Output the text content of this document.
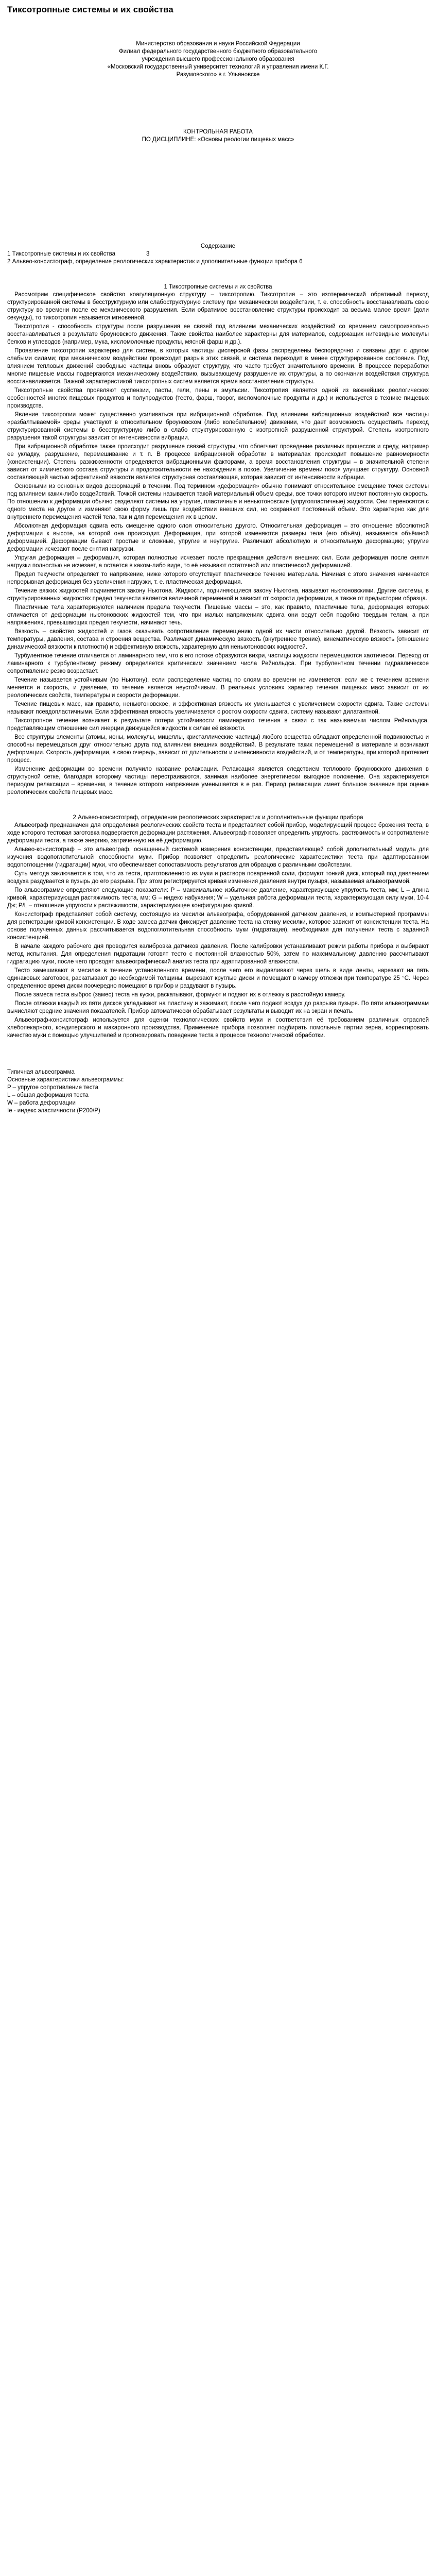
Тиксотропные системы и их свойства

Министерство образования и науки Российской Федерации

Филиал федерального государственного бюджетного образовательного

учреждения высшего профессионального образования

«Московский государственный университет технологий и управления имени К.Г.

Разумовского» в г. Ульяновске

КОНТРОЛЬНАЯ РАБОТА

ПО ДИСЦИПЛИНЕ: «Основы реологии пищевых масс»

Содержание

1 Тиксотропные системы и их свойства	3

2 Альвео-консистограф, определение реологических характеристик и дополнительные функции прибора 6

1 Тиксотропные системы и их свойства

Рассмотрим специфическое свойство коагуляционную структуру – тиксотропию. Тиксотропия – это изотермический обратимый переход структурированной системы в бесструктурную или слабоструктурную систему при механическом воздействии, т. е. способность восстанавливать свою структуру во времени после ее механического разрушения. Если обратимое восстановление структуры происходит за весьма малое время (доли секунды), то тиксотропия называется мгновенной.

Тиксотропия - способность структуры после разрушения ее связей под влиянием механических воздействий со временем самопроизвольно восстанавливаться в результате броуновского движения. Такие свойства наиболее характерны для материалов, содержащих нитевидные молекулы белков и углеводов (например, мука, кисломолочные продукты, мясной фарш и др.).

Проявление тиксотропии характерно для систем, в которых частицы дисперсной фазы распределены беспорядочно и связаны друг с другом слабыми силами; при механическом воздействии происходит разрыв этих связей, и система переходит в менее структурированное состояние. Под влиянием тепловых движений свободные частицы вновь образуют структуру, что часто требует значительного времени. В процессе переработки многие пищевые массы подвергаются механическому воздействию, вызывающему разрушение их структуры, а по окончании воздействия структура восстанавливается. Важной характеристикой тиксотропных систем является время восстановления структуры.

Тиксотропные свойства проявляют суспензии, пасты, гели, пены и эмульсии. Тиксотропия является одной из важнейших реологических особенностей многих пищевых продуктов и полупродуктов (тесто, фарш, творог, кисломолочные продукты и др.) и используется в технике пищевых производств.

Явление тиксотропии может существенно усиливаться при вибрационной обработке. Под влиянием вибрационных воздействий все частицы «разбалтываемой» среды участвуют в относительном броуновском (либо колебательном) движении, что дает возможность осуществить переход структурированной системы в бесструктурную либо в слабо структурированную с изотропной разрушенной структурой. Степень изотропного разрушения такой структуры зависит от интенсивности вибрации.

При вибрационной обработке также происходит разрушение связей структуры, что облегчает проведение различных процессов и среду, например ее укладку, разрушение, перемешивание и т. п. В процессе вибрационной обработки в материалах происходит повышение равномерности (консистенции). Степень разжиженности определяется вибрационными факторами, а время восстановления структуры – в значительной степени зависит от химического состава структуры и продолжительности ее нахождения в покое. Увеличение времени покоя улучшает структуру. Основной составляющей частью эффективной вязкости является структурная составляющая, которая зависит от интенсивности вибрации.

Основными из основных видов деформаций в течении. Под термином «деформация» обычно понимают относительное смещение точек системы под влиянием каких-либо воздействий. Точкой системы называется такой материальный объем среды, все точки которого имеют постоянную скорость. По отношению к деформации обычно разделяют системы на упругие, пластичные и неньютоновские (упругопластичные) жидкости. Они переносятся с одного места на другое и изменяют свою форму лишь при воздействии внешних сил, но сохраняют постоянный объем. Это характерно как для внутреннего перемещения частей тела, так и для перемещения их в целом.

Абсолютная деформация сдвига есть смещение одного слоя относительно другого. Относительная деформация – это отношение абсолютной деформации к высоте, на которой она происходит. Деформация, при которой изменяются размеры тела (его объём), называется объёмной деформацией. Деформации бывают простые и сложные, упругие и неупругие. Различают абсолютную и относительную деформацию; упругие деформации исчезают после снятия нагрузки.

Упругая деформация – деформация, которая полностью исчезает после прекращения действия внешних сил. Если деформация после снятия нагрузки полностью не исчезает, а остается в каком-либо виде, то её называют остаточной или пластической деформацией.

Предел текучести определяет то напряжение, ниже которого отсутствует пластическое течение материала. Начиная с этого значения начинается непрерывная деформация без увеличения нагрузки, т. е. пластическая деформация.

Течение вязких жидкостей подчиняется закону Ньютона. Жидкости, подчиняющиеся закону Ньютона, называют ньютоновскими. Другие системы, в структурированных жидкостях предел текучести является величиной переменной и зависит от скорости деформации, а также от предыстории образца.

Пластичные тела характеризуются наличием предела текучести. Пищевые массы – это, как правило, пластичные тела, деформация которых отличается от деформации ньютоновских жидкостей тем, что при малых напряжениях сдвига они ведут себя подобно твердым телам, а при напряжениях, превышающих предел текучести, начинают течь.

Вязкость – свойство жидкостей и газов оказывать сопротивление перемещению одной их части относительно другой. Вязкость зависит от температуры, давления, состава и строения вещества. Различают динамическую вязкость (внутреннее трение), кинематическую вязкость (отношение динамической вязкости к плотности) и эффективную вязкость, характерную для неньютоновских жидкостей.

Турбулентное течение отличается от ламинарного тем, что в его потоке образуются вихри, частицы жидкости перемещаются хаотически. Переход от ламинарного к турбулентному режиму определяется критическим значением числа Рейнольдса. При турбулентном течении гидравлическое сопротивление резко возрастает.

Течение называется устойчивым (по Ньютону), если распределение частиц по слоям во времени не изменяется; если же с течением времени меняется и скорость, и давление, то течение является неустойчивым. В реальных условиях характер течения пищевых масс зависит от их реологических свойств, температуры и скорости деформации.

Течение пищевых масс, как правило, неньютоновское, и эффективная вязкость их уменьшается с увеличением скорости сдвига. Такие системы называют псевдопластичными. Если эффективная вязкость увеличивается с ростом скорости сдвига, систему называют дилатантной.

Тиксотропное течение возникает в результате потери устойчивости ламинарного течения в связи с так называемым числом Рейнольдса, представляющим отношение сил инерции движущейся жидкости к силам её вязкости.

Все структуры элементы (атомы, ионы, молекулы, мицеллы, кристаллические частицы) любого вещества обладают определенной подвижностью и способны перемещаться друг относительно друга под влиянием внешних воздействий. В результате таких перемещений в материале и возникают деформации. Скорость деформации, в свою очередь, зависит от длительности и интенсивности воздействий, и от температуры, при которой протекает процесс.

Изменение деформации во времени получило название релаксации. Релаксация является следствием теплового броуновского движения в структурной сетке, благодаря которому частицы перестраиваются, занимая наиболее энергетически выгодное положение. Она характеризуется периодом релаксации – временем, в течение которого напряжение уменьшается в e раз. Период релаксации имеет большое значение при оценке реологических свойств пищевых масс.

2 Альвео-консистограф, определение реологических характеристик и дополнительные функции прибора

Альвеограф предназначен для определения реологических свойств теста и представляет собой прибор, моделирующий процесс брожения теста, в ходе которого тестовая заготовка подвергается деформации растяжения. Альвеограф позволяет определить упругость, растяжимость и сопротивление деформации теста, а также энергию, затраченную на её деформацию.

Альвео-консистограф – это альвеограф, оснащенный системой измерения консистенции, представляющей собой дополнительный модуль для изучения водопоглотительной способности муки. Прибор позволяет определить реологические характеристики теста при адаптированном водопоглощении (гидратации) муки, что обеспечивает сопоставимость результатов для образцов с различными свойствами.

Суть метода заключается в том, что из теста, приготовленного из муки и раствора поваренной соли, формуют тонкий диск, который под давлением воздуха раздувается в пузырь до его разрыва. При этом регистрируется кривая изменения давления внутри пузыря, называемая альвеограммой.

По альвеограмме определяют следующие показатели: P – максимальное избыточное давление, характеризующее упругость теста, мм; L – длина кривой, характеризующая растяжимость теста, мм; G – индекс набухания; W – удельная работа деформации теста, характеризующая силу муки, 10-4 Дж; P/L – отношение упругости к растяжимости, характеризующее конфигурацию кривой.

Консистограф представляет собой систему, состоящую из месилки альвеографа, оборудованной датчиком давления, и компьютерной программы для регистрации кривой консистенции. В ходе замеса датчик фиксирует давление теста на стенку месилки, которое зависит от консистенции теста. На основе полученных данных рассчитывается водопоглотительная способность муки (гидратация), необходимая для получения теста с заданной консистенцией.

В начале каждого рабочего дня проводится калибровка датчиков давления. После калибровки устанавливают режим работы прибора и выбирают метод испытания. Для определения гидратации готовят тесто с постоянной влажностью 50%, затем по максимальному давлению рассчитывают гидратацию муки, после чего проводят альвеографический анализ теста при адаптированной влажности.

Тесто замешивают в месилке в течение установленного времени, после чего его выдавливают через щель в виде ленты, нарезают на пять одинаковых заготовок, раскатывают до необходимой толщины, вырезают круглые диски и помещают в камеру отлежки при температуре 25 °С. Через определенное время диски поочередно помещают в прибор и раздувают в пузырь.

После замеса теста выброс (замес) теста на куски, раскатывают, формуют и подают их в отлежку в расстойную камеру.

После отлежки каждый из пяти дисков укладывают на пластину и зажимают, после чего подают воздух до разрыва пузыря. По пяти альвеограммам вычисляют средние значения показателей. Прибор автоматически обрабатывает результаты и выводит их на экран и печать.

Альвеограф-консистограф используется для оценки технологических свойств муки и соответствия её требованиям различных отраслей хлебопекарного, кондитерского и макаронного производства. Применение прибора позволяет подбирать помольные партии зерна, корректировать качество муки с помощью улучшителей и прогнозировать поведение теста в процессе технологической обработки.

Типичная альвеограмма

Основные характеристики альвеограммы:

P – упругое сопротивление теста

L – общая деформация теста

W – работа деформации

Ie - индекс эластичности (P200/P)
